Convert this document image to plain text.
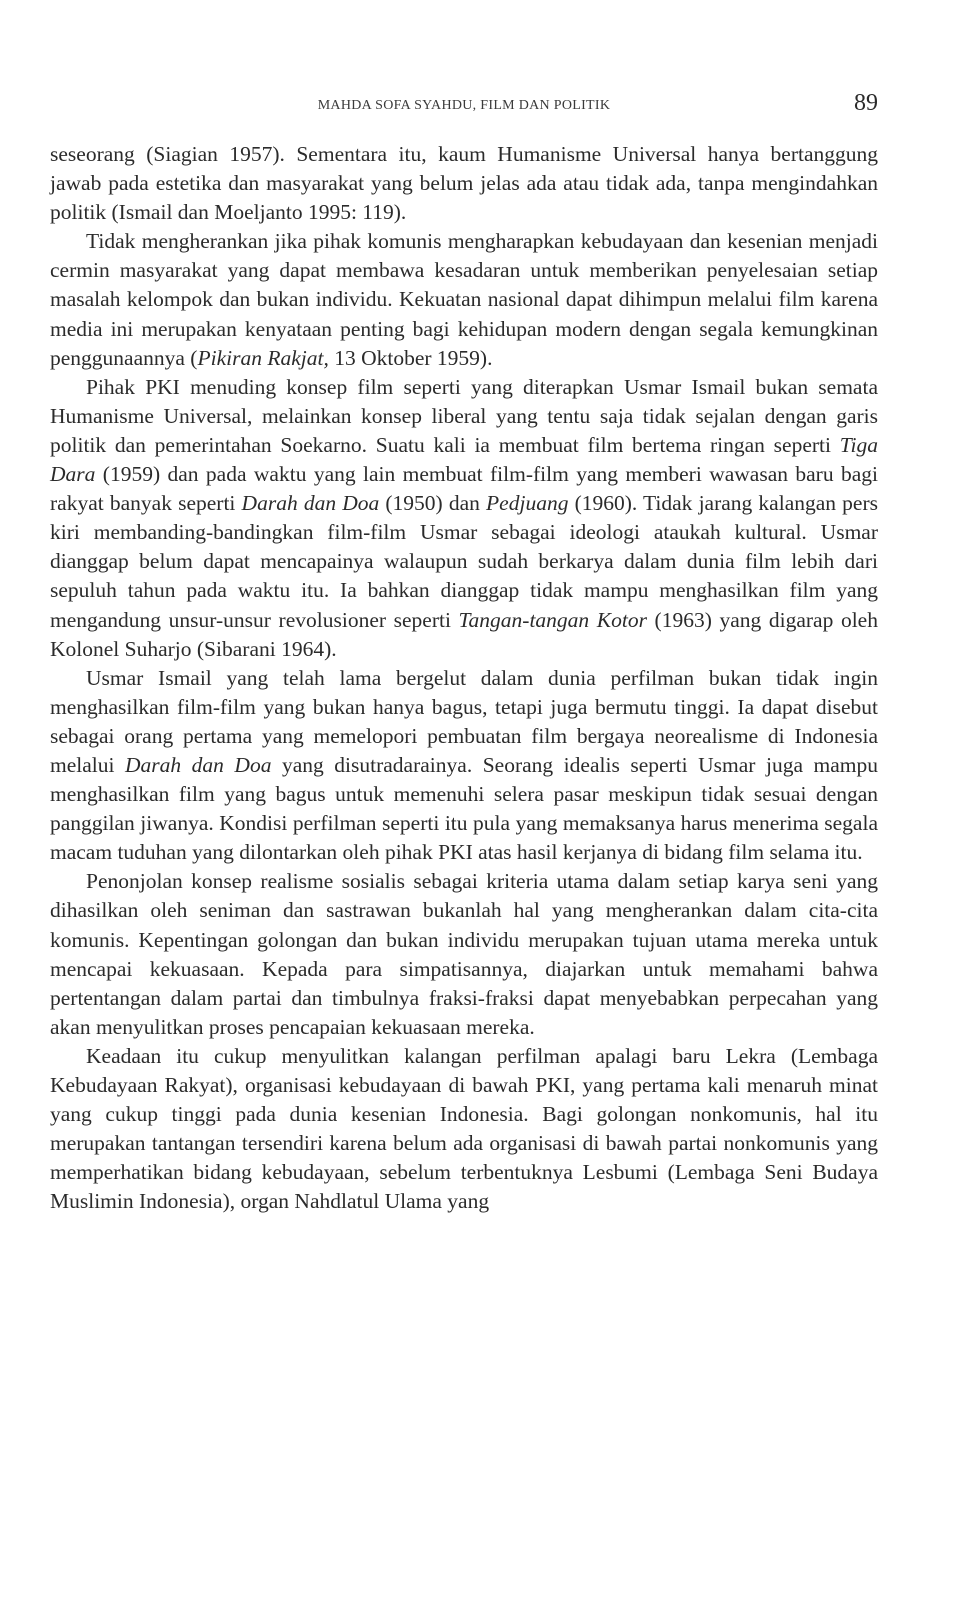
MAHDA SOFA SYAHDU, FILM DAN POLITIK	89

seseorang (Siagian 1957). Sementara itu, kaum Humanisme Universal hanya bertanggung jawab pada estetika dan masyarakat yang belum jelas ada atau tidak ada, tanpa mengindahkan politik (Ismail dan Moeljanto 1995: 119).

Tidak mengherankan jika pihak komunis mengharapkan kebudayaan dan kesenian menjadi cermin masyarakat yang dapat membawa kesadaran untuk memberikan penyelesaian setiap masalah kelompok dan bukan individu. Kekuatan nasional dapat dihimpun melalui film karena media ini merupakan kenyataan penting bagi kehidupan modern dengan segala kemungkinan penggunaannya (Pikiran Rakjat, 13 Oktober 1959).

Pihak PKI menuding konsep film seperti yang diterapkan Usmar Ismail bukan semata Humanisme Universal, melainkan konsep liberal yang tentu saja tidak sejalan dengan garis politik dan pemerintahan Soekarno. Suatu kali ia membuat film bertema ringan seperti Tiga Dara (1959) dan pada waktu yang lain membuat film-film yang memberi wawasan baru bagi rakyat banyak seperti Darah dan Doa (1950) dan Pedjuang (1960). Tidak jarang kalangan pers kiri membanding-bandingkan film-film Usmar sebagai ideologi ataukah kultural. Usmar dianggap belum dapat mencapainya walaupun sudah berkarya dalam dunia film lebih dari sepuluh tahun pada waktu itu. Ia bahkan dianggap tidak mampu menghasilkan film yang mengandung unsur-unsur revolusioner seperti Tangan-tangan Kotor (1963) yang digarap oleh Kolonel Suharjo (Sibarani 1964).

Usmar Ismail yang telah lama bergelut dalam dunia perfilman bukan tidak ingin menghasilkan film-film yang bukan hanya bagus, tetapi juga bermutu tinggi. Ia dapat disebut sebagai orang pertama yang memelopori pembuatan film bergaya neorealisme di Indonesia melalui Darah dan Doa yang disutradarainya. Seorang idealis seperti Usmar juga mampu menghasilkan film yang bagus untuk memenuhi selera pasar meskipun tidak sesuai dengan panggilan jiwanya. Kondisi perfilman seperti itu pula yang memaksanya harus menerima segala macam tuduhan yang dilontarkan oleh pihak PKI atas hasil kerjanya di bidang film selama itu.

Penonjolan konsep realisme sosialis sebagai kriteria utama dalam setiap karya seni yang dihasilkan oleh seniman dan sastrawan bukanlah hal yang mengherankan dalam cita-cita komunis. Kepentingan golongan dan bukan individu merupakan tujuan utama mereka untuk mencapai kekuasaan. Kepada para simpatisannya, diajarkan untuk memahami bahwa pertentangan dalam partai dan timbulnya fraksi-fraksi dapat menyebabkan perpecahan yang akan menyulitkan proses pencapaian kekuasaan mereka.

Keadaan itu cukup menyulitkan kalangan perfilman apalagi baru Lekra (Lembaga Kebudayaan Rakyat), organisasi kebudayaan di bawah PKI, yang pertama kali menaruh minat yang cukup tinggi pada dunia kesenian Indonesia. Bagi golongan nonkomunis, hal itu merupakan tantangan tersendiri karena belum ada organisasi di bawah partai nonkomunis yang memperhatikan bidang kebudayaan, sebelum terbentuknya Lesbumi (Lembaga Seni Budaya Muslimin Indonesia), organ Nahdlatul Ulama yang
